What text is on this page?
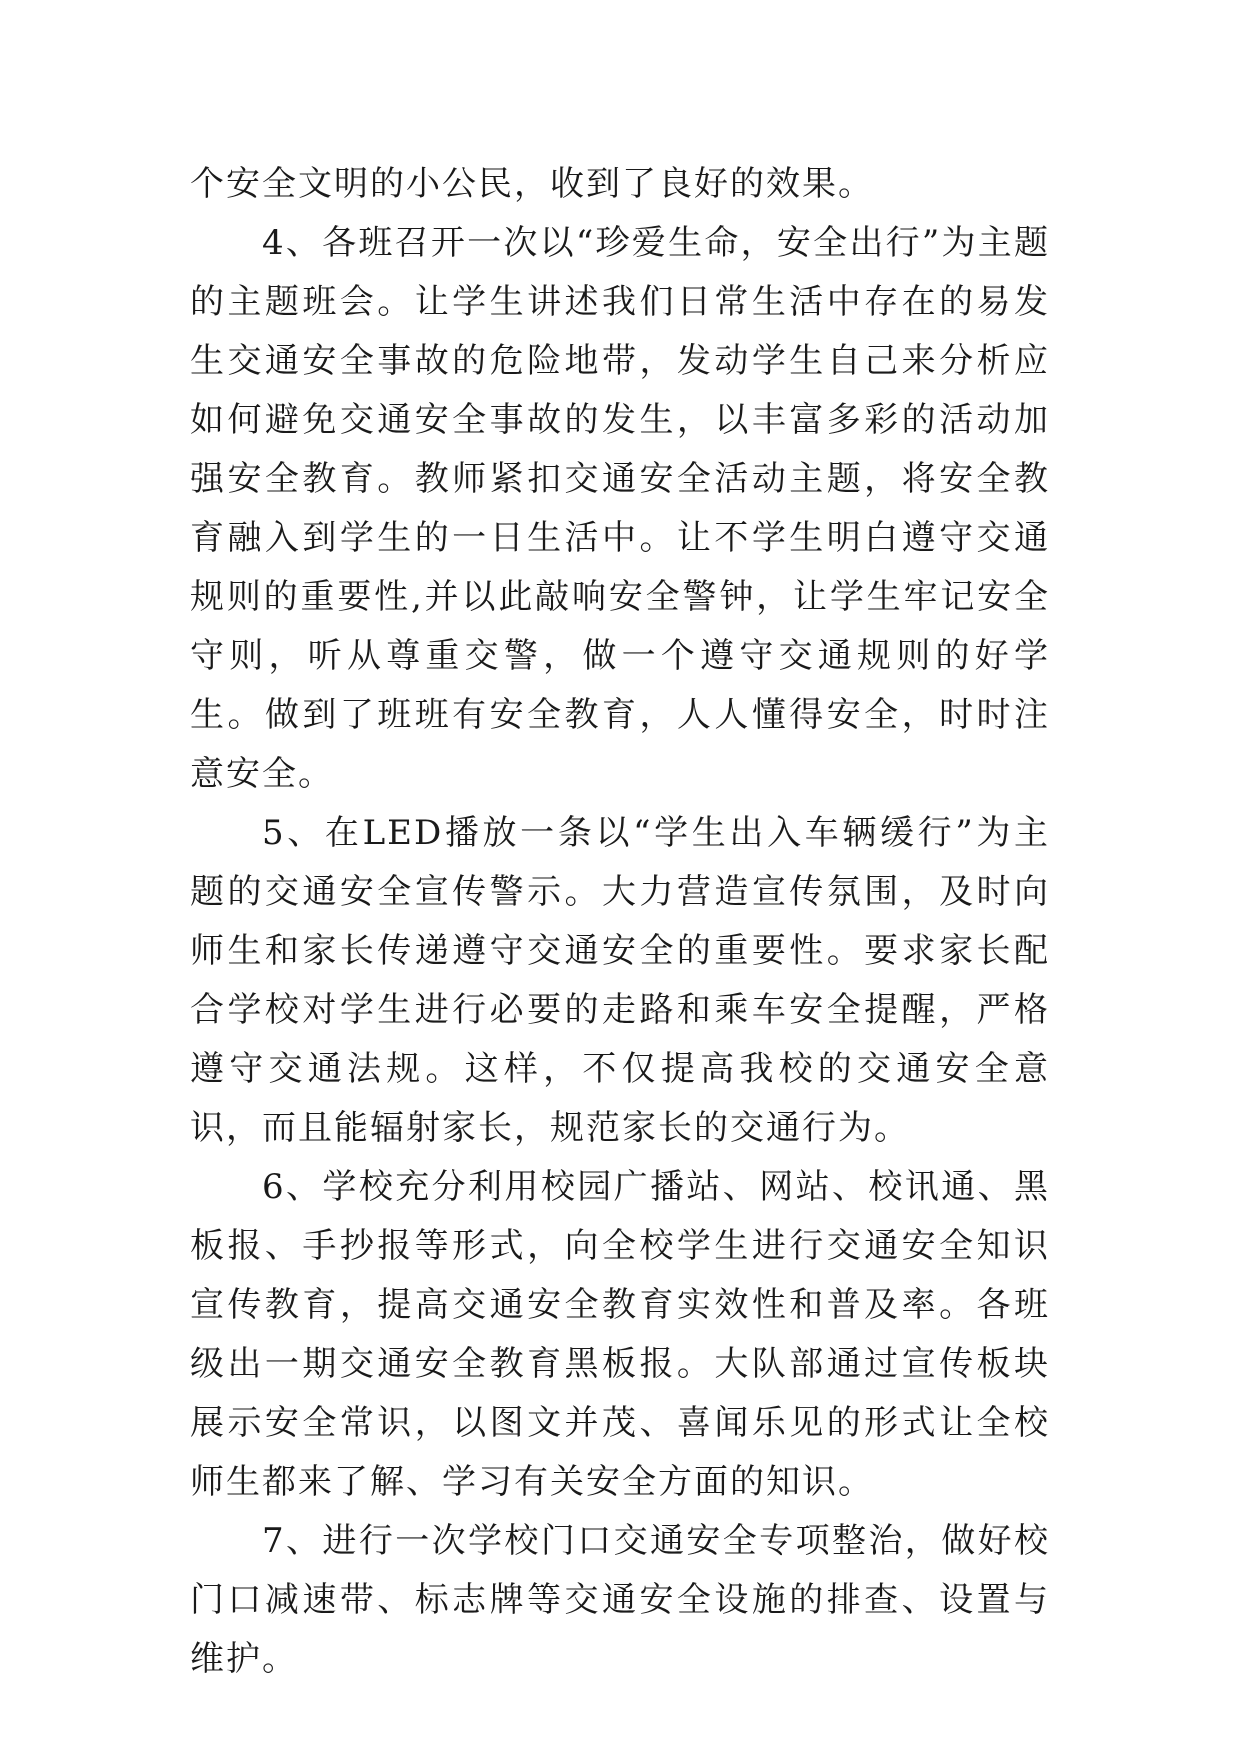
个安全文明的小公民，收到了良好的效果。

4、各班召开一次以“珍爱生命，安全出行”为主题的主题班会。让学生讲述我们日常生活中存在的易发生交通安全事故的危险地带，发动学生自己来分析应如何避免交通安全事故的发生，以丰富多彩的活动加强安全教育。教师紧扣交通安全活动主题，将安全教育融入到学生的一日生活中。让不学生明白遵守交通规则的重要性,并以此敲响安全警钟，让学生牢记安全守则，听从尊重交警，做一个遵守交通规则的好学生。做到了班班有安全教育，人人懂得安全，时时注意安全。

5、在LED播放一条以“学生出入车辆缓行”为主题的交通安全宣传警示。大力营造宣传氛围，及时向师生和家长传递遵守交通安全的重要性。要求家长配合学校对学生进行必要的走路和乘车安全提醒，严格遵守交通法规。这样，不仅提高我校的交通安全意识，而且能辐射家长，规范家长的交通行为。

6、学校充分利用校园广播站、网站、校讯通、黑板报、手抄报等形式，向全校学生进行交通安全知识宣传教育，提高交通安全教育实效性和普及率。各班级出一期交通安全教育黑板报。大队部通过宣传板块展示安全常识，以图文并茂、喜闻乐见的形式让全校师生都来了解、学习有关安全方面的知识。

7、进行一次学校门口交通安全专项整治，做好校门口减速带、标志牌等交通安全设施的排查、设置与维护。
